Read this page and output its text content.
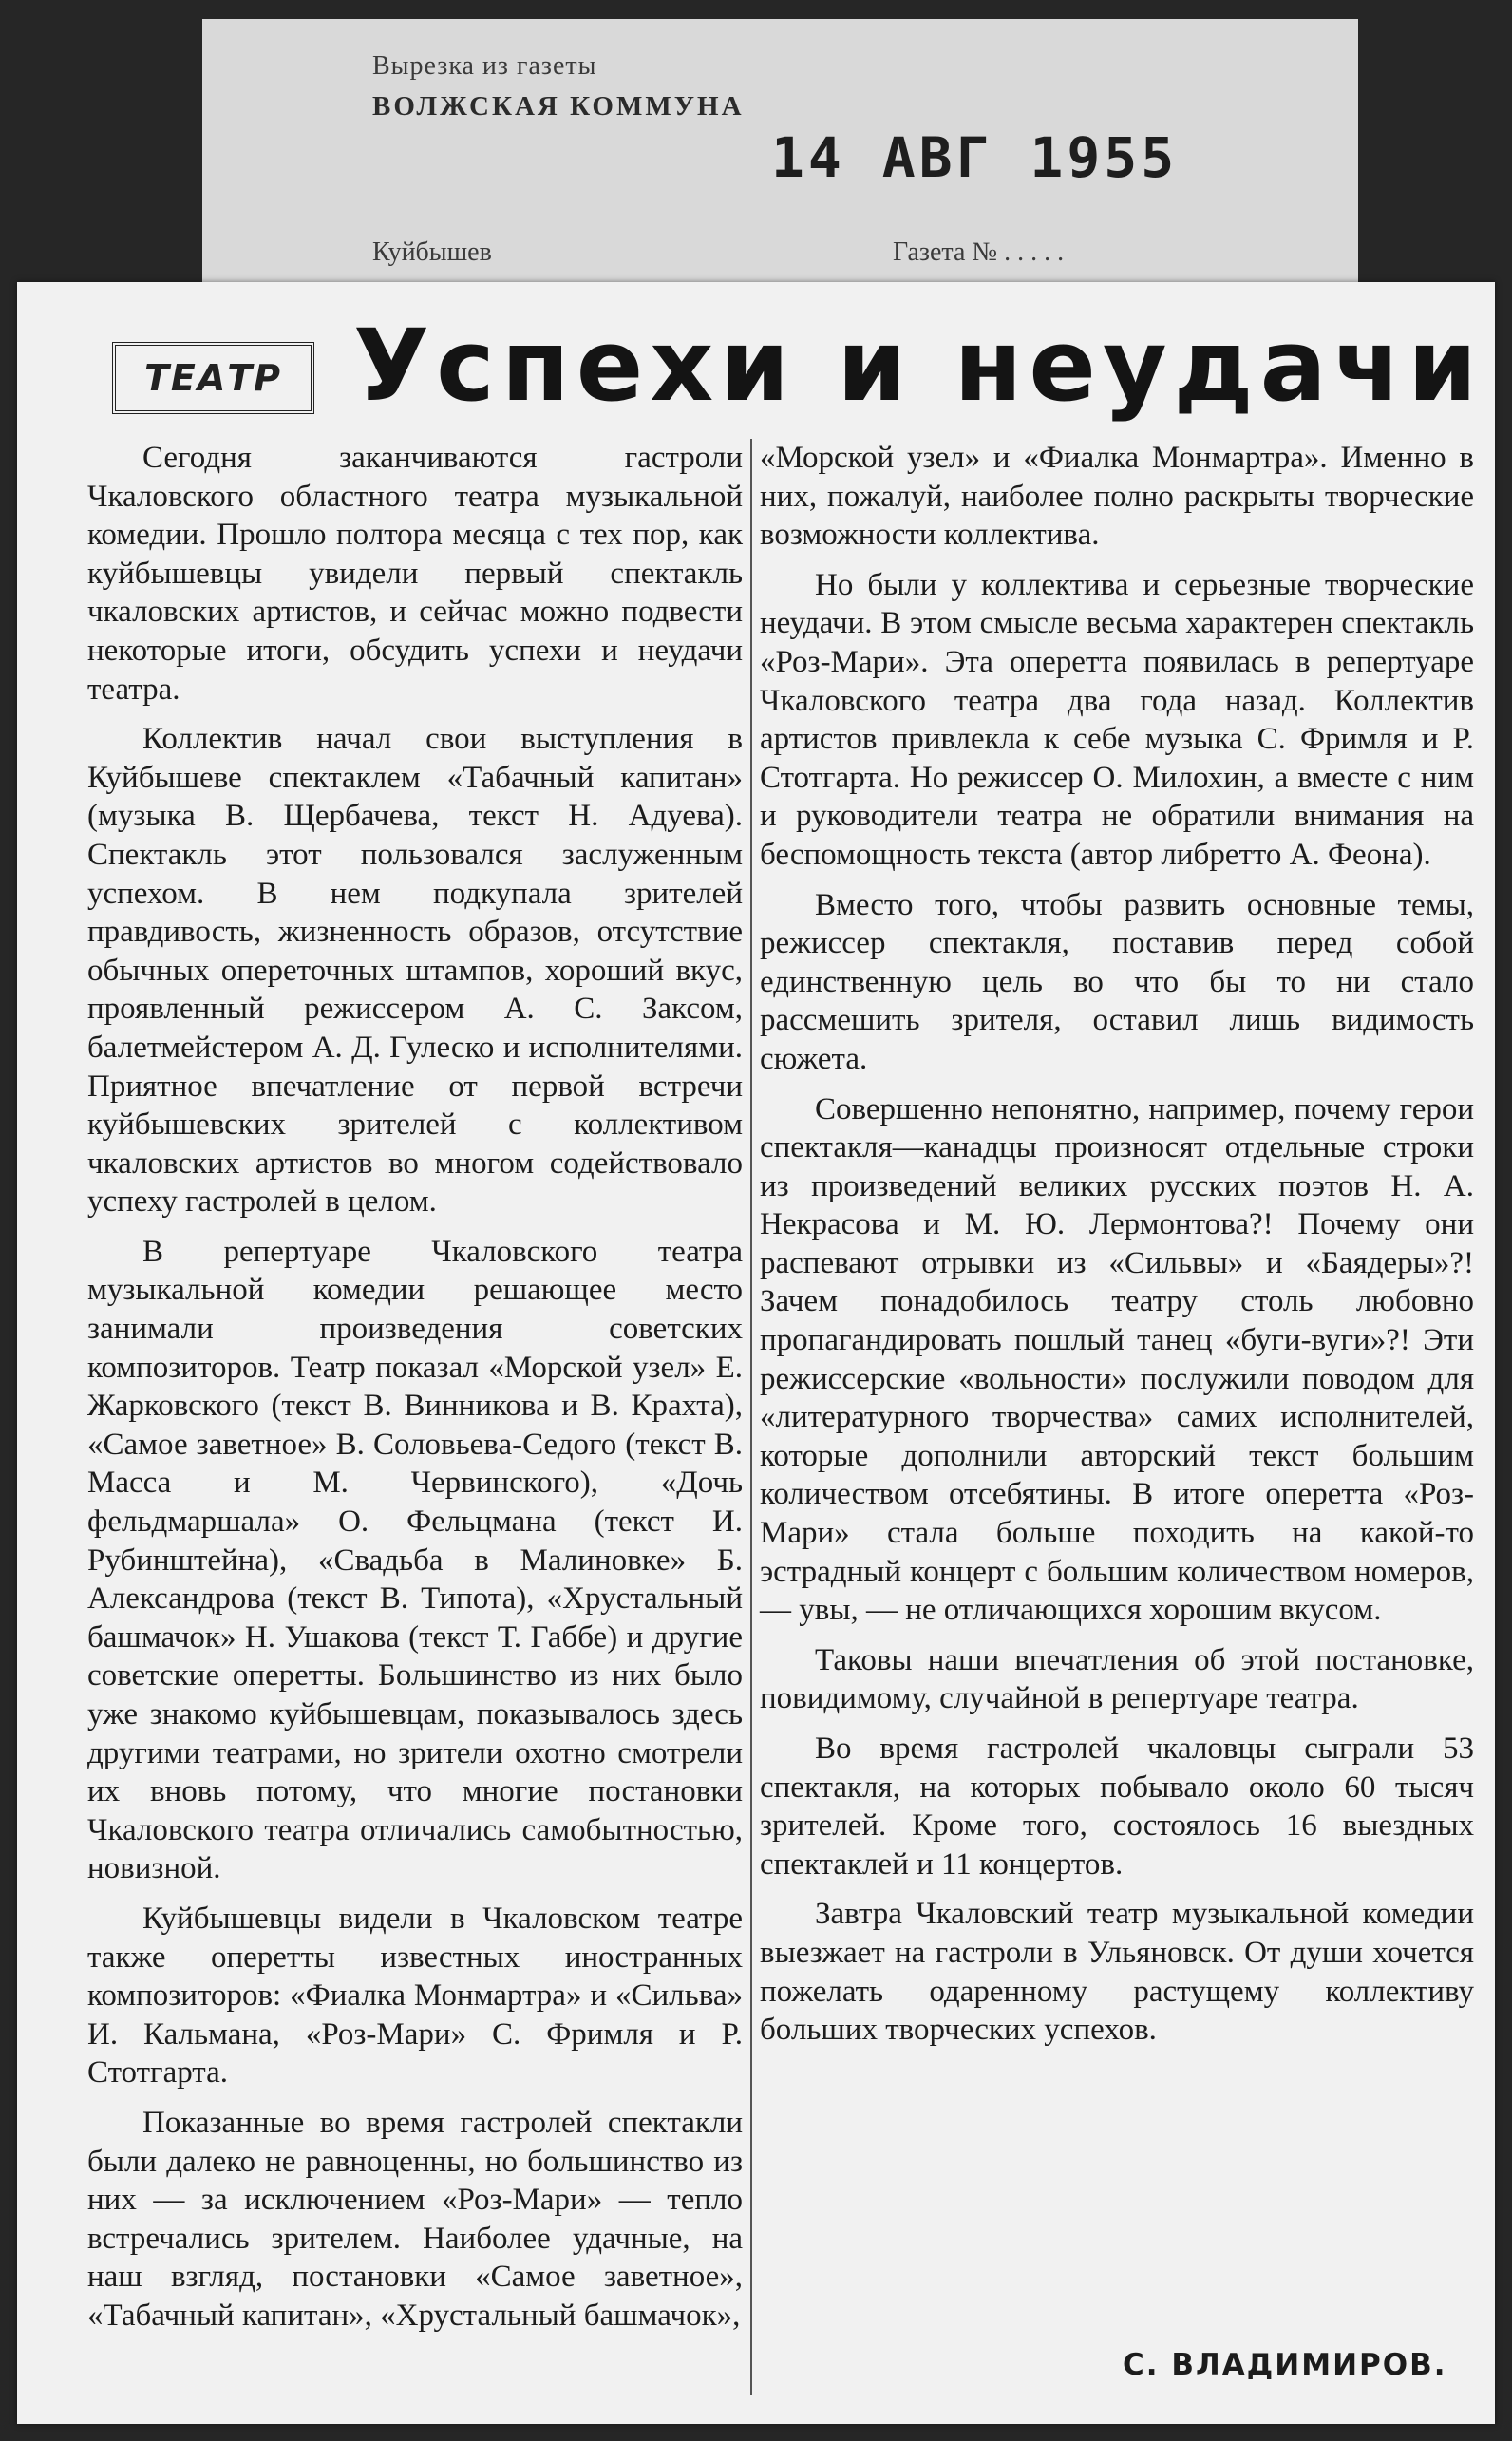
Вырезка из газеты
ВОЛЖСКАЯ КОММУНА
14 АВГ 1955
Куйбышев	Газета № . . . . .
ТЕАТР Успехи и неудачи

Сегодня заканчиваются гастроли Чкаловского областного театра музыкальной комедии. Прошло полтора месяца с тех пор, как куйбышевцы увидели первый спектакль чкаловских артистов, и сейчас можно подвести некоторые итоги, обсудить успехи и неудачи театра.

Коллектив начал свои выступления в Куйбышеве спектаклем «Табачный капитан» (музыка В. Щербачева, текст Н. Адуева). Спектакль этот пользовался заслуженным успехом. В нем подкупала зрителей правдивость, жизненность образов, отсутствие обычных опереточных штампов, хороший вкус, проявленный режиссером А. С. Заксом, балетмейстером А. Д. Гулеско и исполнителями. Приятное впечатление от первой встречи куйбышевских зрителей с коллективом чкаловских артистов во многом содействовало успеху гастролей в целом.

В репертуаре Чкаловского театра музыкальной комедии решающее место занимали произведения советских композиторов. Театр показал «Морской узел» Е. Жарковского (текст В. Винникова и В. Крахта), «Самое заветное» В. Соловьева-Седого (текст В. Масса и М. Червинского), «Дочь фельдмаршала» О. Фельцмана (текст И. Рубинштейна), «Свадьба в Малиновке» Б. Александрова (текст В. Типота), «Хрустальный башмачок» Н. Ушакова (текст Т. Габбе) и другие советские оперетты. Большинство из них было уже знакомо куйбышевцам, показывалось здесь другими театрами, но зрители охотно смотрели их вновь потому, что многие постановки Чкаловского театра отличались самобытностью, новизной.

Куйбышевцы видели в Чкаловском театре также оперетты известных иностранных композиторов: «Фиалка Монмартра» и «Сильва» И. Кальмана, «Роз-Мари» С. Фримля и Р. Стотгарта.

Показанные во время гастролей спектакли были далеко не равноценны, но большинство из них — за исключением «Роз-Мари» — тепло встречались зрителем. Наиболее удачные, на наш взгляд, постановки «Самое заветное», «Табачный капитан», «Хрустальный башмачок»,

«Морской узел» и «Фиалка Монмартра». Именно в них, пожалуй, наиболее полно раскрыты творческие возможности коллектива.

Но были у коллектива и серьезные творческие неудачи. В этом смысле весьма характерен спектакль «Роз-Мари». Эта оперетта появилась в репертуаре Чкаловского театра два года назад. Коллектив артистов привлекла к себе музыка С. Фримля и Р. Стотгарта. Но режиссер О. Милохин, а вместе с ним и руководители театра не обратили внимания на беспомощность текста (автор либретто А. Феона).

Вместо того, чтобы развить основные темы, режиссер спектакля, поставив перед собой единственную цель во что бы то ни стало рассмешить зрителя, оставил лишь видимость сюжета.

Совершенно непонятно, например, почему герои спектакля—канадцы произносят отдельные строки из произведений великих русских поэтов Н. А. Некрасова и М. Ю. Лермонтова?! Почему они распевают отрывки из «Сильвы» и «Баядеры»?! Зачем понадобилось театру столь любовно пропагандировать пошлый танец «буги-вуги»?! Эти режиссерские «вольности» послужили поводом для «литературного творчества» самих исполнителей, которые дополнили авторский текст большим количеством отсебятины. В итоге оперетта «Роз-Мари» стала больше походить на какой-то эстрадный концерт с большим количеством номеров, — увы, — не отличающихся хорошим вкусом.

Таковы наши впечатления об этой постановке, повидимому, случайной в репертуаре театра.

Во время гастролей чкаловцы сыграли 53 спектакля, на которых побывало около 60 тысяч зрителей. Кроме того, состоялось 16 выездных спектаклей и 11 концертов.

Завтра Чкаловский театр музыкальной комедии выезжает на гастроли в Ульяновск. От души хочется пожелать одаренному растущему коллективу больших творческих успехов.

С. ВЛАДИМИРОВ.
